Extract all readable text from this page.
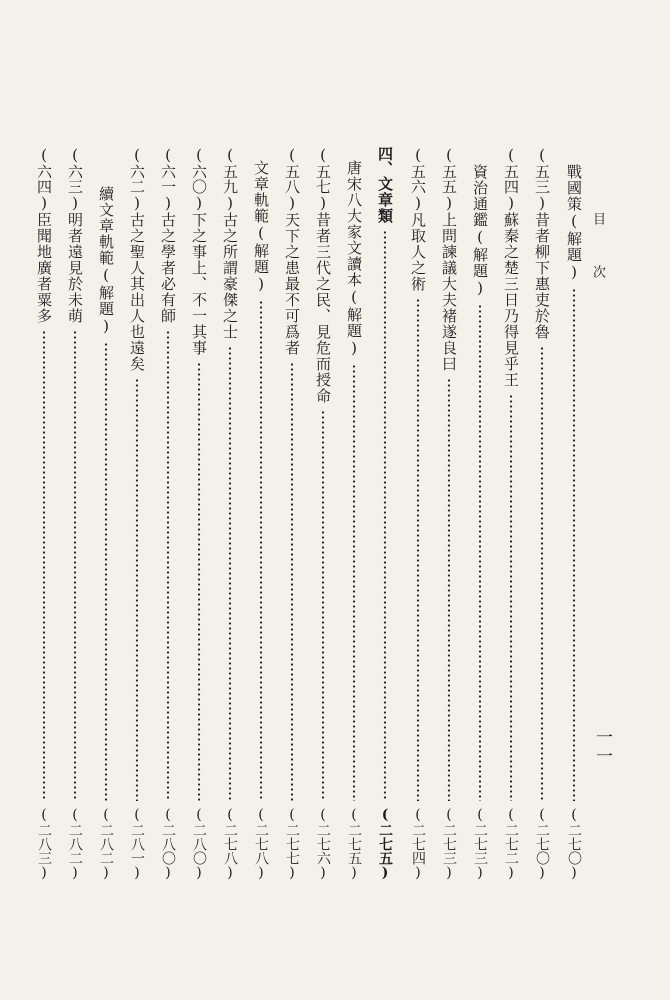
目次
一一
戰國策(解題)
(二七〇)
(五三)
昔者柳下惠吏於魯
(二七〇)
(五四)
蘇秦之楚三日乃得見乎王
(二七二)
資治通鑑(解題)
(二七三)
(五五)
上問諫議大夫褚遂良曰
(二七三)
(五六)
凡取人之術
(二七四)
四、
文章類
(二七五)
唐宋八大家文讀本(解題)
(二七五)
(五七)
昔者三代之民、見危而授命
(二七六)
(五八)
天下之患最不可爲者
(二七七)
文章軌範(解題)
(二七八)
(五九)
古之所謂豪傑之士
(二七八)
(六〇)
下之事上、不一其事
(二八〇)
(六一)
古之學者必有師
(二八〇)
(六二)
古之聖人其出人也遠矣
(二八一)
續文章軌範(解題)
(二八二)
(六三)
明者遠見於未萌
(二八二)
(六四)
臣聞地廣者粟多
(二八三)
